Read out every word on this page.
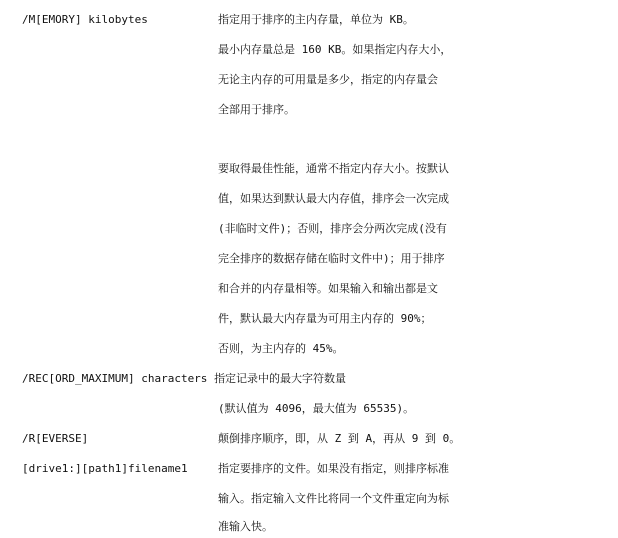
/M[EMORY] kilobytes	指定用于排序的主内存量，单位为 KB。
最小内存量总是 160 KB。如果指定内存大小，
无论主内存的可用量是多少，指定的内存量会
全部用于排序。
要取得最佳性能，通常不指定内存大小。按默认
值，如果达到默认最大内存值，排序会一次完成
(非临时文件)；否则，排序会分两次完成(没有
完全排序的数据存储在临时文件中)；用于排序
和合并的内存量相等。如果输入和输出都是文
件，默认最大内存量为可用主内存的 90%；
否则，为主内存的 45%。
/REC[ORD_MAXIMUM] characters 指定记录中的最大字符数量
(默认值为 4096，最大值为 65535)。
/R[EVERSE]	颠倒排序顺序，即，从 Z 到 A，再从 9 到 0。
[drive1:][path1]filename1	指定要排序的文件。如果没有指定，则排序标准
输入。指定输入文件比将同一个文件重定向为标
准输入快。
